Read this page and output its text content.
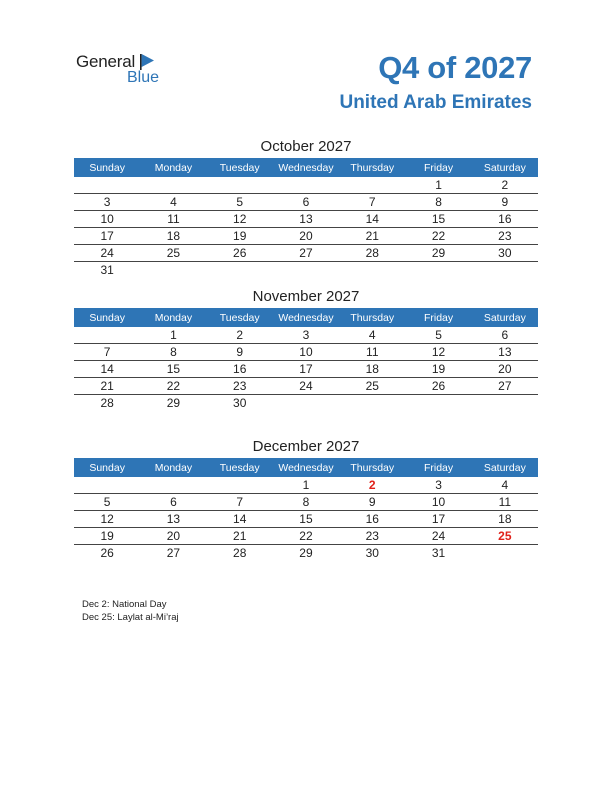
General
Blue	Q4 of 2027
United Arab Emirates
October 2027
Sunday	Monday	Tuesday	Wednesday	Thursday	Friday	Saturday
					1	2
3	4	5	6	7	8	9
10	11	12	13	14	15	16
17	18	19	20	21	22	23
24	25	26	27	28	29	30
31						
November 2027
Sunday	Monday	Tuesday	Wednesday	Thursday	Friday	Saturday
	1	2	3	4	5	6
7	8	9	10	11	12	13
14	15	16	17	18	19	20
21	22	23	24	25	26	27
28	29	30				
December 2027
Sunday	Monday	Tuesday	Wednesday	Thursday	Friday	Saturday
			1	2	3	4
5	6	7	8	9	10	11
12	13	14	15	16	17	18
19	20	21	22	23	24	25
26	27	28	29	30	31	
Dec 2: National Day
Dec 25: Laylat al-Mi’raj
